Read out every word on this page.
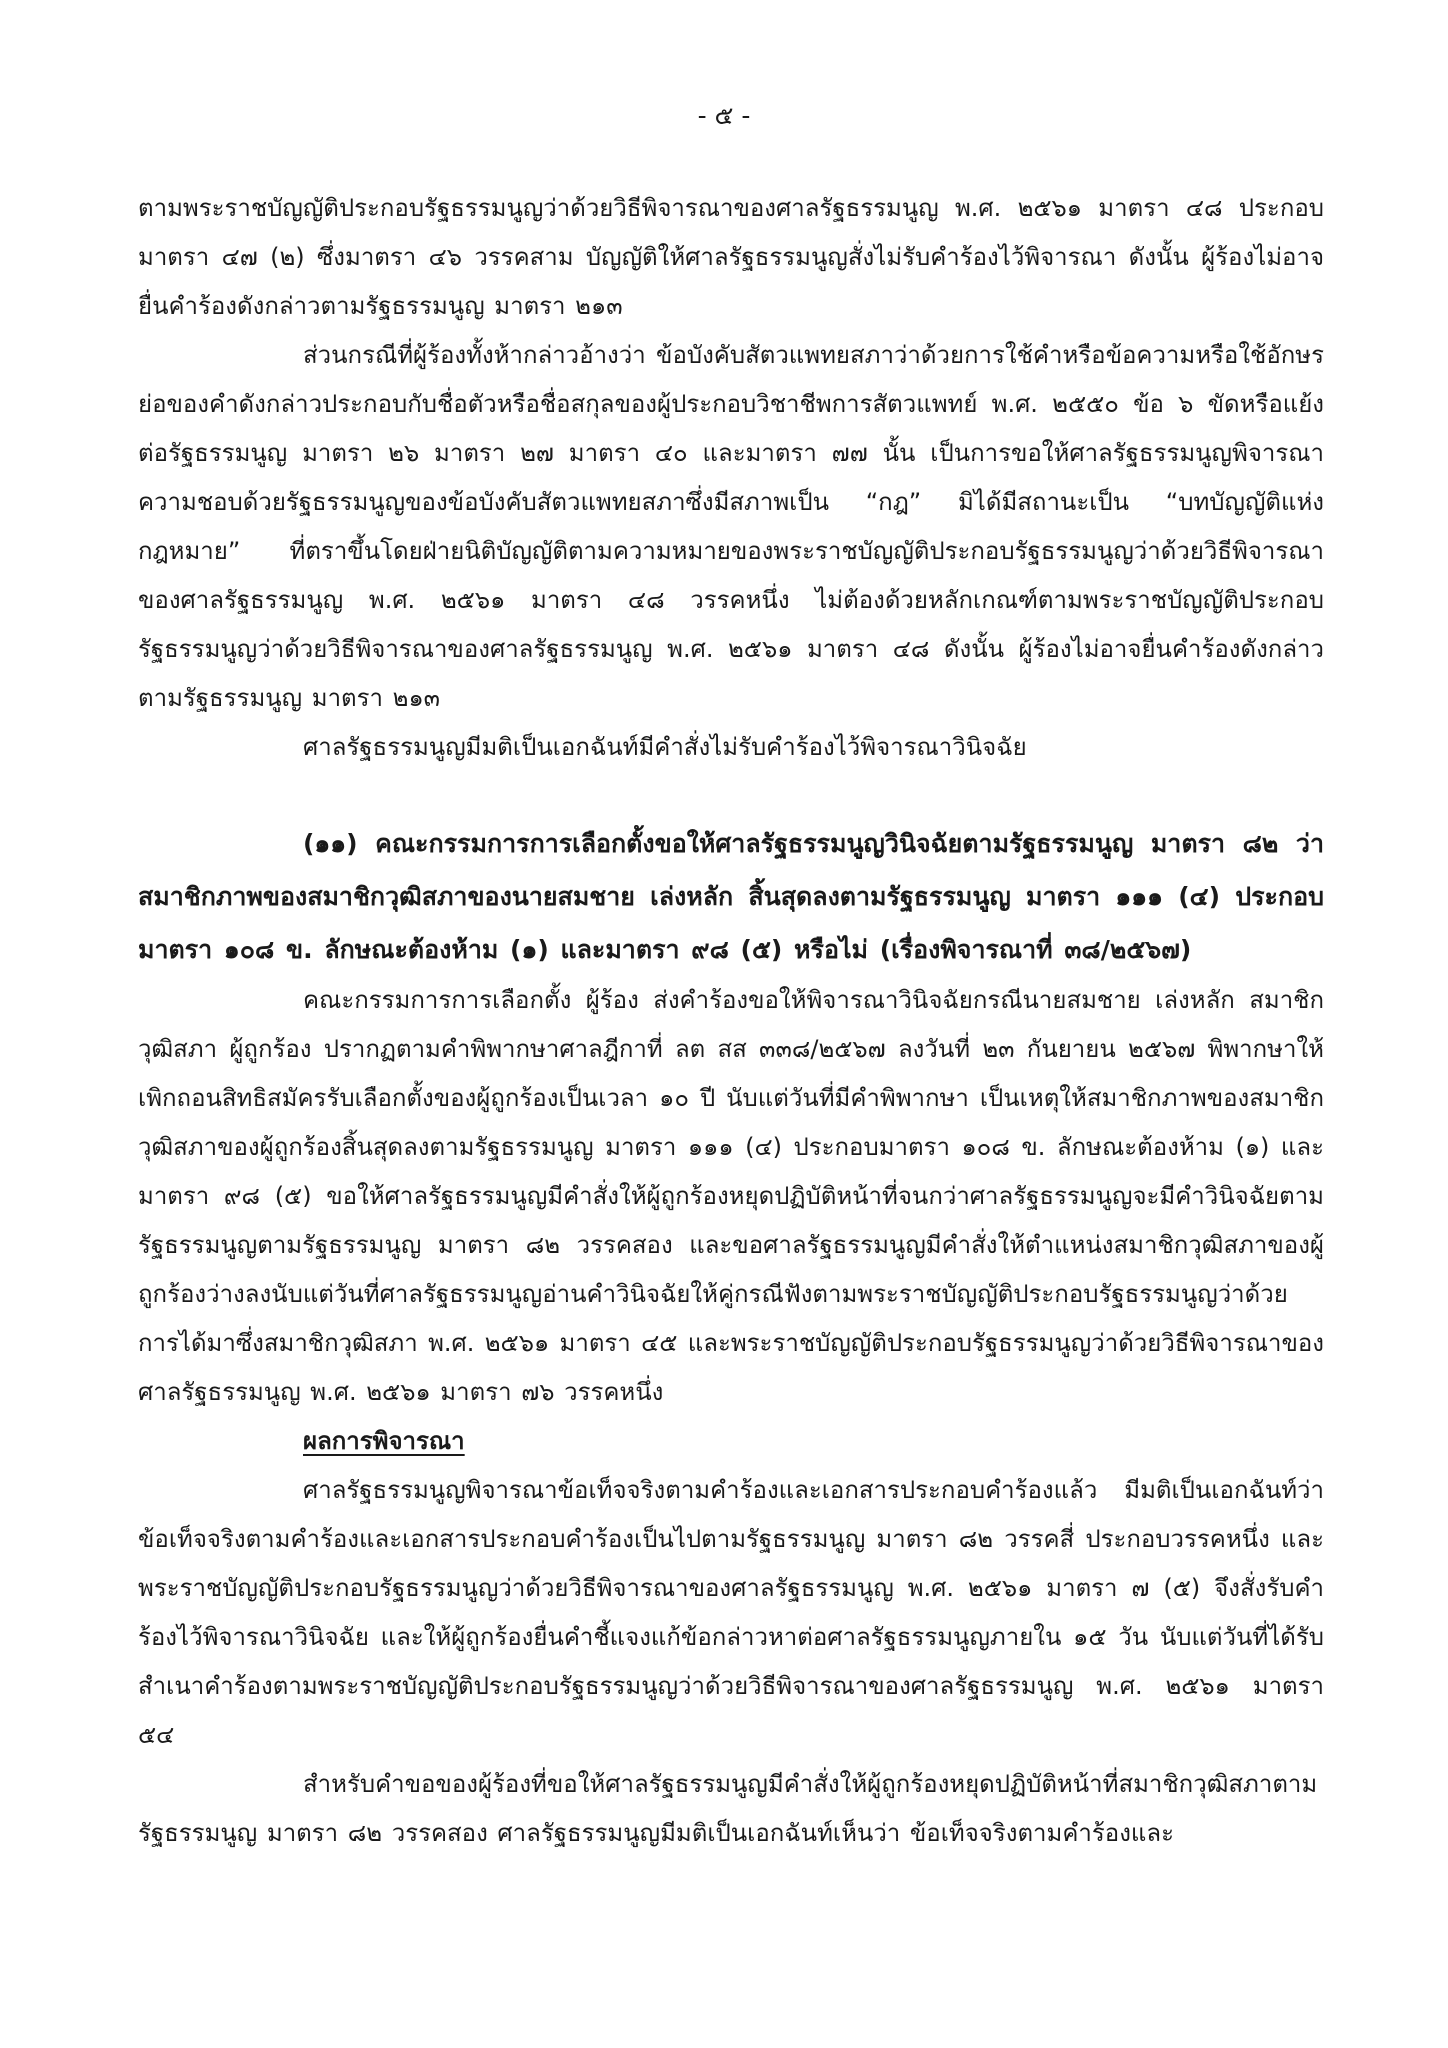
- ๕ -

ตามพระราชบัญญัติประกอบรัฐธรรมนูญว่าด้วยวิธีพิจารณาของศาลรัฐธรรมนูญ พ.ศ. ๒๕๖๑ มาตรา ๔๘ ประกอบมาตรา ๔๗ (๒) ซึ่งมาตรา ๔๖ วรรคสาม บัญญัติให้ศาลรัฐธรรมนูญสั่งไม่รับคำร้องไว้พิจารณา ดังนั้น ผู้ร้องไม่อาจยื่นคำร้องดังกล่าวตามรัฐธรรมนูญ มาตรา ๒๑๓

ส่วนกรณีที่ผู้ร้องทั้งห้ากล่าวอ้างว่า ข้อบังคับสัตวแพทยสภาว่าด้วยการใช้คำหรือข้อความหรือใช้อักษรย่อของคำดังกล่าวประกอบกับชื่อตัวหรือชื่อสกุลของผู้ประกอบวิชาชีพการสัตวแพทย์ พ.ศ. ๒๕๕๐ ข้อ ๖ ขัดหรือแย้งต่อรัฐธรรมนูญ มาตรา ๒๖ มาตรา ๒๗ มาตรา ๔๐ และมาตรา ๗๗ นั้น เป็นการขอให้ศาลรัฐธรรมนูญพิจารณาความชอบด้วยรัฐธรรมนูญของข้อบังคับสัตวแพทยสภาซึ่งมีสภาพเป็น “กฎ” มิได้มีสถานะเป็น “บทบัญญัติแห่งกฎหมาย” ที่ตราขึ้นโดยฝ่ายนิติบัญญัติตามความหมายของพระราชบัญญัติประกอบรัฐธรรมนูญว่าด้วยวิธีพิจารณาของศาลรัฐธรรมนูญ พ.ศ. ๒๕๖๑ มาตรา ๔๘ วรรคหนึ่ง ไม่ต้องด้วยหลักเกณฑ์ตามพระราชบัญญัติประกอบรัฐธรรมนูญว่าด้วยวิธีพิจารณาของศาลรัฐธรรมนูญ พ.ศ. ๒๕๖๑ มาตรา ๔๘ ดังนั้น ผู้ร้องไม่อาจยื่นคำร้องดังกล่าวตามรัฐธรรมนูญ มาตรา ๒๑๓

ศาลรัฐธรรมนูญมีมติเป็นเอกฉันท์มีคำสั่งไม่รับคำร้องไว้พิจารณาวินิจฉัย

(๑๑) คณะกรรมการการเลือกตั้งขอให้ศาลรัฐธรรมนูญวินิจฉัยตามรัฐธรรมนูญ มาตรา ๘๒ ว่าสมาชิกภาพของสมาชิกวุฒิสภาของนายสมชาย เล่งหลัก สิ้นสุดลงตามรัฐธรรมนูญ มาตรา ๑๑๑ (๔) ประกอบมาตรา ๑๐๘ ข. ลักษณะต้องห้าม (๑) และมาตรา ๙๘ (๕) หรือไม่ (เรื่องพิจารณาที่ ๓๘/๒๕๖๗)

คณะกรรมการการเลือกตั้ง ผู้ร้อง ส่งคำร้องขอให้พิจารณาวินิจฉัยกรณีนายสมชาย เล่งหลัก สมาชิกวุฒิสภา ผู้ถูกร้อง ปรากฏตามคำพิพากษาศาลฎีกาที่ ลต สส ๓๓๘/๒๕๖๗ ลงวันที่ ๒๓ กันยายน ๒๕๖๗ พิพากษาให้เพิกถอนสิทธิสมัครรับเลือกตั้งของผู้ถูกร้องเป็นเวลา ๑๐ ปี นับแต่วันที่มีคำพิพากษา เป็นเหตุให้สมาชิกภาพของสมาชิกวุฒิสภาของผู้ถูกร้องสิ้นสุดลงตามรัฐธรรมนูญ มาตรา ๑๑๑ (๔) ประกอบมาตรา ๑๐๘ ข. ลักษณะต้องห้าม (๑) และมาตรา ๙๘ (๕) ขอให้ศาลรัฐธรรมนูญมีคำสั่งให้ผู้ถูกร้องหยุดปฏิบัติหน้าที่จนกว่าศาลรัฐธรรมนูญจะมีคำวินิจฉัยตามรัฐธรรมนูญตามรัฐธรรมนูญ มาตรา ๘๒ วรรคสอง และขอศาลรัฐธรรมนูญมีคำสั่งให้ตำแหน่งสมาชิกวุฒิสภาของผู้ถูกร้องว่างลงนับแต่วันที่ศาลรัฐธรรมนูญอ่านคำวินิจฉัยให้คู่กรณีฟังตามพระราชบัญญัติประกอบรัฐธรรมนูญว่าด้วยการได้มาซึ่งสมาชิกวุฒิสภา พ.ศ. ๒๕๖๑ มาตรา ๔๕ และพระราชบัญญัติประกอบรัฐธรรมนูญว่าด้วยวิธีพิจารณาของศาลรัฐธรรมนูญ พ.ศ. ๒๕๖๑ มาตรา ๗๖ วรรคหนึ่ง

ผลการพิจารณา

ศาลรัฐธรรมนูญพิจารณาข้อเท็จจริงตามคำร้องและเอกสารประกอบคำร้องแล้ว มีมติเป็นเอกฉันท์ว่า ข้อเท็จจริงตามคำร้องและเอกสารประกอบคำร้องเป็นไปตามรัฐธรรมนูญ มาตรา ๘๒ วรรคสี่ ประกอบวรรคหนึ่ง และพระราชบัญญัติประกอบรัฐธรรมนูญว่าด้วยวิธีพิจารณาของศาลรัฐธรรมนูญ พ.ศ. ๒๕๖๑ มาตรา ๗ (๕) จึงสั่งรับคำร้องไว้พิจารณาวินิจฉัย และให้ผู้ถูกร้องยื่นคำชี้แจงแก้ข้อกล่าวหาต่อศาลรัฐธรรมนูญภายใน ๑๕ วัน นับแต่วันที่ได้รับสำเนาคำร้องตามพระราชบัญญัติประกอบรัฐธรรมนูญว่าด้วยวิธีพิจารณาของศาลรัฐธรรมนูญ พ.ศ. ๒๕๖๑ มาตรา ๕๔

สำหรับคำขอของผู้ร้องที่ขอให้ศาลรัฐธรรมนูญมีคำสั่งให้ผู้ถูกร้องหยุดปฏิบัติหน้าที่สมาชิกวุฒิสภาตามรัฐธรรมนูญ มาตรา ๘๒ วรรคสอง ศาลรัฐธรรมนูญมีมติเป็นเอกฉันท์เห็นว่า ข้อเท็จจริงตามคำร้องและ
